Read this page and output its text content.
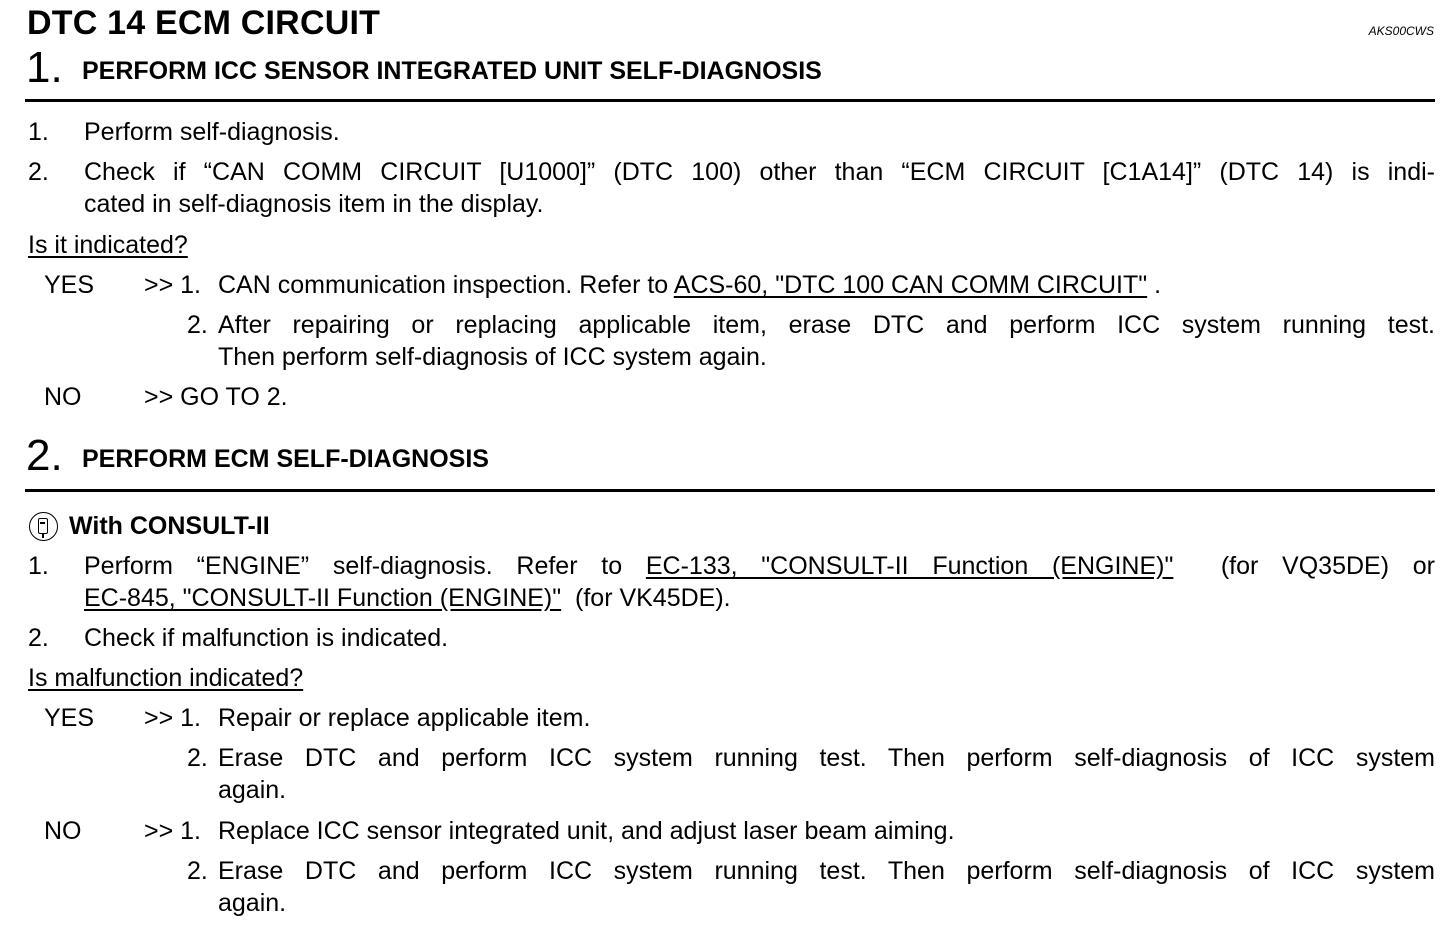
DTC 14 ECM CIRCUIT	AKS00CWS
1. PERFORM ICC SENSOR INTEGRATED UNIT SELF-DIAGNOSIS
1. Perform self-diagnosis.
2. Check if “CAN COMM CIRCUIT [U1000]” (DTC 100) other than “ECM CIRCUIT [C1A14]” (DTC 14) is indi-
cated in self-diagnosis item in the display.
Is it indicated?
YES >> 1. CAN communication inspection. Refer to ACS-60, "DTC 100 CAN COMM CIRCUIT" .
2. After repairing or replacing applicable item, erase DTC and perform ICC system running test.
Then perform self-diagnosis of ICC system again.
NO	>> GO TO 2.
2. PERFORM ECM SELF-DIAGNOSIS
With CONSULT-II
1. Perform “ENGINE” self-diagnosis. Refer to EC-133, "CONSULT-II Function (ENGINE)"  (for VQ35DE) or
EC-845, "CONSULT-II Function (ENGINE)"  (for VK45DE).
2. Check if malfunction is indicated.
Is malfunction indicated?
YES >> 1. Repair or replace applicable item.
2. Erase DTC and perform ICC system running test. Then perform self-diagnosis of ICC system
again.
NO	>> 1. Replace ICC sensor integrated unit, and adjust laser beam aiming.
2. Erase DTC and perform ICC system running test. Then perform self-diagnosis of ICC system
again.
